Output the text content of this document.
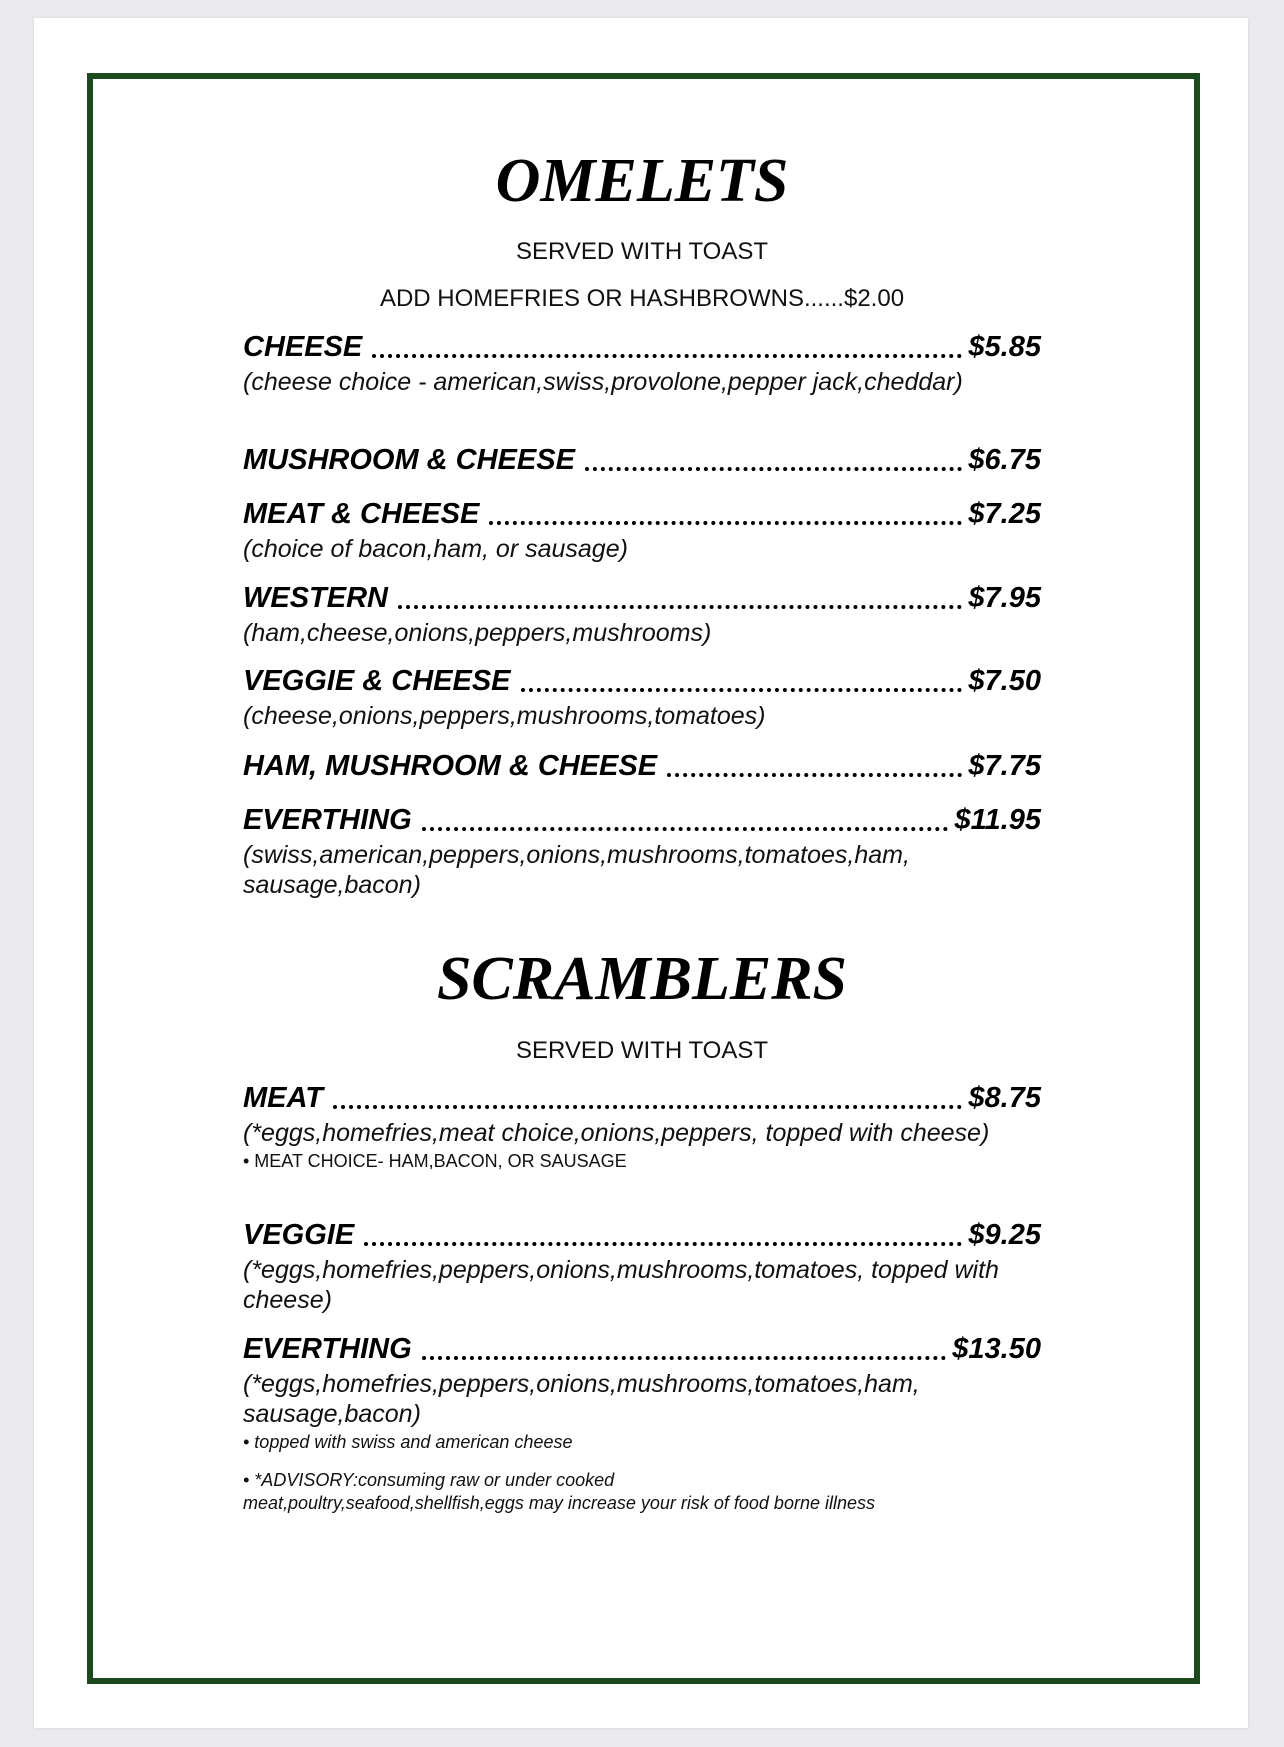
OMELETS
SERVED WITH TOAST
ADD HOMEFRIES OR HASHBROWNS......$2.00
CHEESE	$5.85
(cheese choice - american,swiss,provolone,pepper jack,cheddar)
MUSHROOM & CHEESE	$6.75
MEAT & CHEESE	$7.25
(choice of bacon,ham, or sausage)
WESTERN	$7.95
(ham,cheese,onions,peppers,mushrooms)
VEGGIE & CHEESE	$7.50
(cheese,onions,peppers,mushrooms,tomatoes)
HAM, MUSHROOM & CHEESE	$7.75
EVERTHING	$11.95
(swiss,american,peppers,onions,mushrooms,tomatoes,ham, sausage,bacon)
SCRAMBLERS
SERVED WITH TOAST
MEAT	$8.75
(*eggs,homefries,meat choice,onions,peppers, topped with cheese)
• MEAT CHOICE- HAM,BACON, OR SAUSAGE
VEGGIE	$9.25
(*eggs,homefries,peppers,onions,mushrooms,tomatoes, topped with cheese)
EVERTHING	$13.50
(*eggs,homefries,peppers,onions,mushrooms,tomatoes,ham, sausage,bacon)
• topped with swiss and american cheese
• *ADVISORY:consuming raw or under cooked
meat,poultry,seafood,shellfish,eggs may increase your risk of food borne illness
